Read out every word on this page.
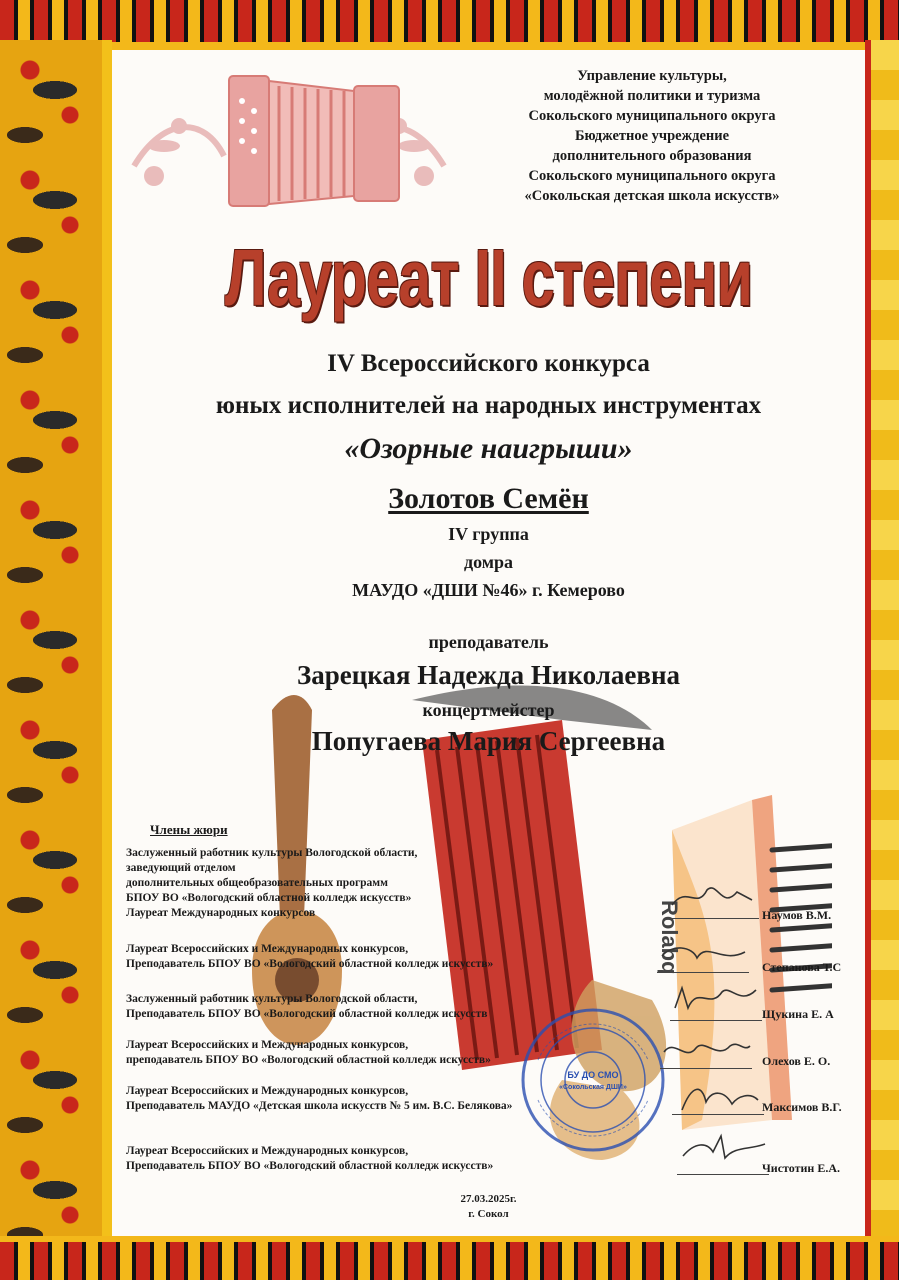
Rolabq
Управление культуры,
молодёжной политики и туризма
Сокольского муниципального округа
Бюджетное учреждение
дополнительного образования
Сокольского муниципального округа
«Сокольская детская школа искусств»
Лауреат II степени
IV Всероссийского конкурса
юных исполнителей на народных инструментах
«Озорные наигрыши»
Золотов Семён
IV группа
домра
МАУДО «ДШИ №46» г. Кемерово
преподаватель
Зарецкая Надежда Николаевна
концертмейстер
Попугаева Мария Сергеевна
Члены жюри
БУ ДО СМО
«Сокольская ДШИ»
Заслуженный работник культуры Вологодской области,
заведующий отделом
дополнительных общеобразовательных программ
БПОУ ВО «Вологодский областной колледж искусств»
Лауреат Международных конкурсов	Наумов В.М.
Лауреат Всероссийских и Международных конкурсов,
Преподаватель БПОУ ВО «Вологодский областной колледж искусств»	Степанова Т.С
Заслуженный работник культуры Вологодской области,
Преподаватель БПОУ ВО «Вологодский областной колледж искусств	Щукина Е. А
Лауреат Всероссийских и Международных конкурсов,
преподаватель БПОУ ВО «Вологодский областной колледж искусств»	Олехов Е. О.
Лауреат Всероссийских и Международных конкурсов,
Преподаватель МАУДО «Детская школа искусств № 5 им. В.С. Белякова»	Максимов В.Г.
Лауреат Всероссийских и Международных конкурсов,
Преподаватель БПОУ ВО «Вологодский областной колледж искусств»	Чистотин Е.А.
27.03.2025г.
г. Сокол
